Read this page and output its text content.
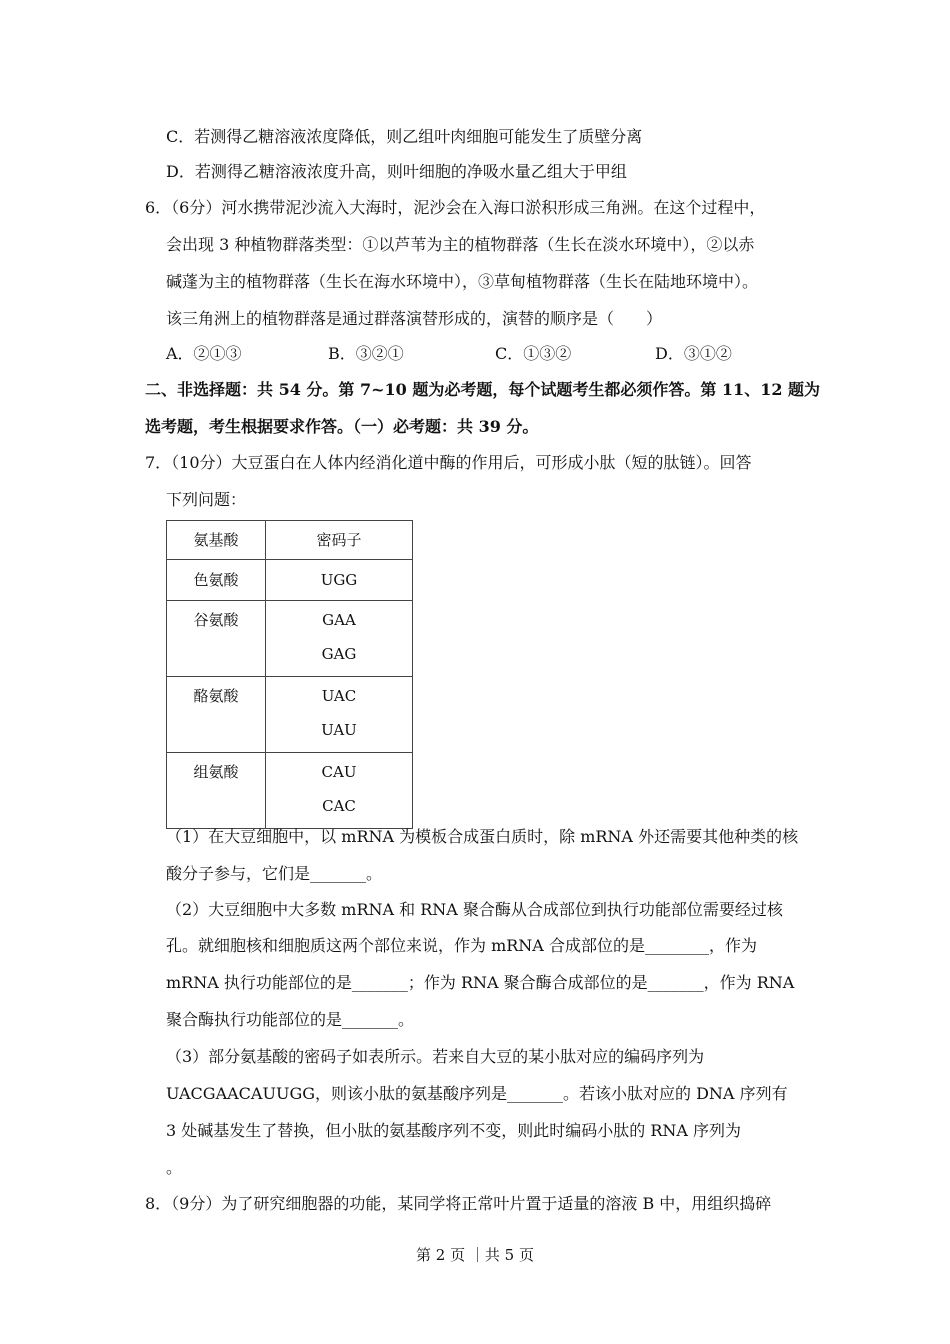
C．若测得乙糖溶液浓度降低，则乙组叶肉细胞可能发生了质壁分离
D．若测得乙糖溶液浓度升高，则叶细胞的净吸水量乙组大于甲组
6．（6分）河水携带泥沙流入大海时，泥沙会在入海口淤积形成三角洲。在这个过程中，
会出现 3 种植物群落类型：①以芦苇为主的植物群落（生长在淡水环境中），②以赤
碱蓬为主的植物群落（生长在海水环境中），③草甸植物群落（生长在陆地环境中）。
该三角洲上的植物群落是通过群落演替形成的，演替的顺序是（　　）
A．②①③	B．③②①	C．①③②	D．③①②
二、非选择题：共 54 分。第 7~10 题为必考题，每个试题考生都必须作答。第 11、12 题为
选考题，考生根据要求作答。（一）必考题：共 39 分。
7．（10分）大豆蛋白在人体内经消化道中酶的作用后，可形成小肽（短的肽链）。回答
下列问题：
氨基酸	密码子
色氨酸	UGG
谷氨酸	GAA
GAG

酪氨酸	UAC
UAU

组氨酸	CAU
CAC
（1）在大豆细胞中，以 mRNA 为模板合成蛋白质时，除 mRNA 外还需要其他种类的核
酸分子参与，它们是_______。
（2）大豆细胞中大多数 mRNA 和 RNA 聚合酶从合成部位到执行功能部位需要经过核
孔。就细胞核和细胞质这两个部位来说，作为 mRNA 合成部位的是________，作为
mRNA 执行功能部位的是_______；作为 RNA 聚合酶合成部位的是_______，作为 RNA
聚合酶执行功能部位的是_______。
（3）部分氨基酸的密码子如表所示。若来自大豆的某小肽对应的编码序列为
UACGAACAUUGG，则该小肽的氨基酸序列是_______。若该小肽对应的 DNA 序列有
3 处碱基发生了替换，但小肽的氨基酸序列不变，则此时编码小肽的 RNA 序列为
。
8．（9分）为了研究细胞器的功能，某同学将正常叶片置于适量的溶液 B 中，用组织捣碎
第 2 页 ｜共 5 页
